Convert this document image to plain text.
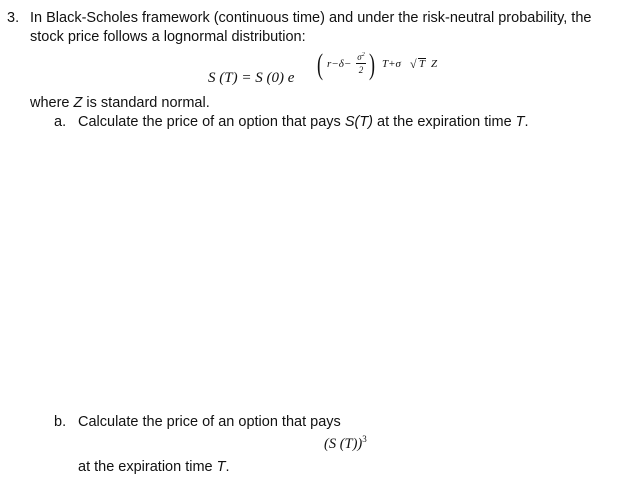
3. In Black-Scholes framework (continuous time) and under the risk-neutral probability, the
stock price follows a lognormal distribution:
S (T) = S (0) e ( r−δ−
$\sigma^2$
2 ) T+σ √ T Z
where Z is standard normal.
a. Calculate the price of an option that pays S(T) at the expiration time T.
b. Calculate the price of an option that pays
(S (T))$^3$
at the expiration time T.
